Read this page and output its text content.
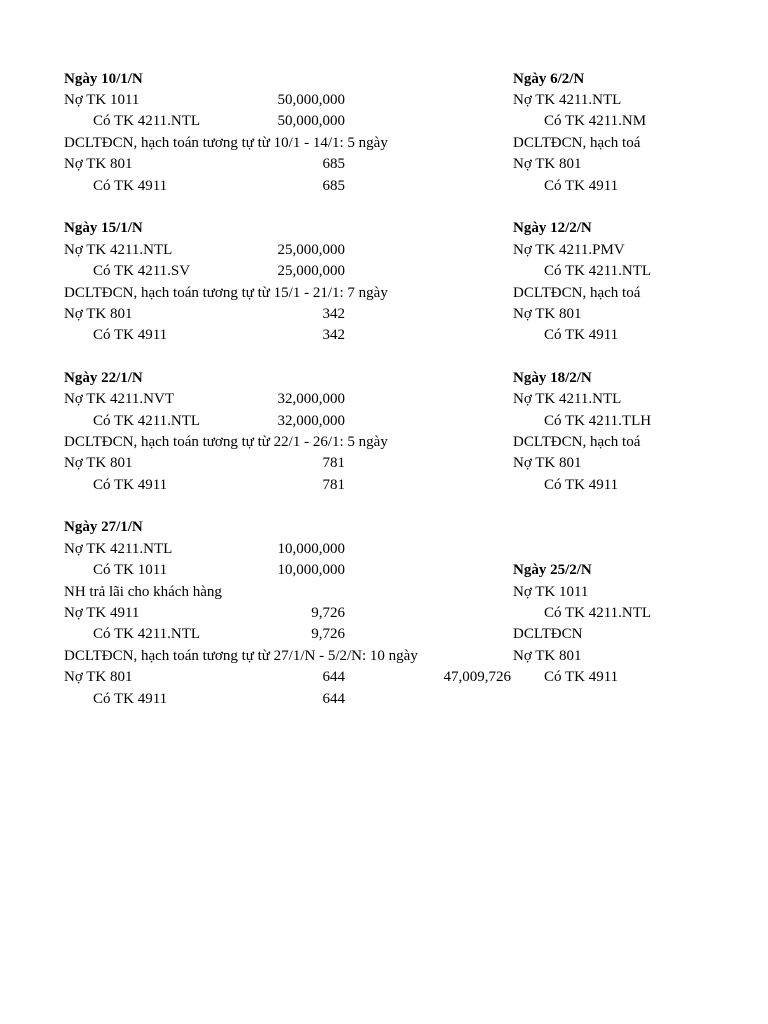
Ngày 10/1/N
Nợ TK 1011	50,000,000
Có TK 4211.NTL	50,000,000
DCLTĐCN, hạch toán tương tự từ 10/1 - 14/1: 5 ngày
Nợ TK 801	685
Có TK 4911	685
Ngày 15/1/N
Nợ TK 4211.NTL	25,000,000
Có TK 4211.SV	25,000,000
DCLTĐCN, hạch toán tương tự từ 15/1 - 21/1: 7 ngày
Nợ TK 801	342
Có TK 4911	342
Ngày 22/1/N
Nợ TK 4211.NVT	32,000,000
Có TK 4211.NTL	32,000,000
DCLTĐCN, hạch toán tương tự từ 22/1 - 26/1: 5 ngày
Nợ TK 801	781
Có TK 4911	781
Ngày 27/1/N
Nợ TK 4211.NTL	10,000,000
Có TK 1011	10,000,000
NH trả lãi cho khách hàng
Nợ TK 4911	9,726
Có TK 4211.NTL	9,726
DCLTĐCN, hạch toán tương tự từ 27/1/N - 5/2/N: 10 ngày
Nợ TK 801	644	47,009,726
Có TK 4911	644
Ngày 6/2/N
Nợ TK 4211.NTL
Có TK 4211.NM
DCLTĐCN, hạch toá
Nợ TK 801
Có TK 4911
Ngày 12/2/N
Nợ TK 4211.PMV
Có TK 4211.NTL
DCLTĐCN, hạch toá
Nợ TK 801
Có TK 4911
Ngày 18/2/N
Nợ TK 4211.NTL
Có TK 4211.TLH
DCLTĐCN, hạch toá
Nợ TK 801
Có TK 4911
Ngày 25/2/N
Nợ TK 1011
Có TK 4211.NTL
DCLTĐCN
Nợ TK 801
Có TK 4911
